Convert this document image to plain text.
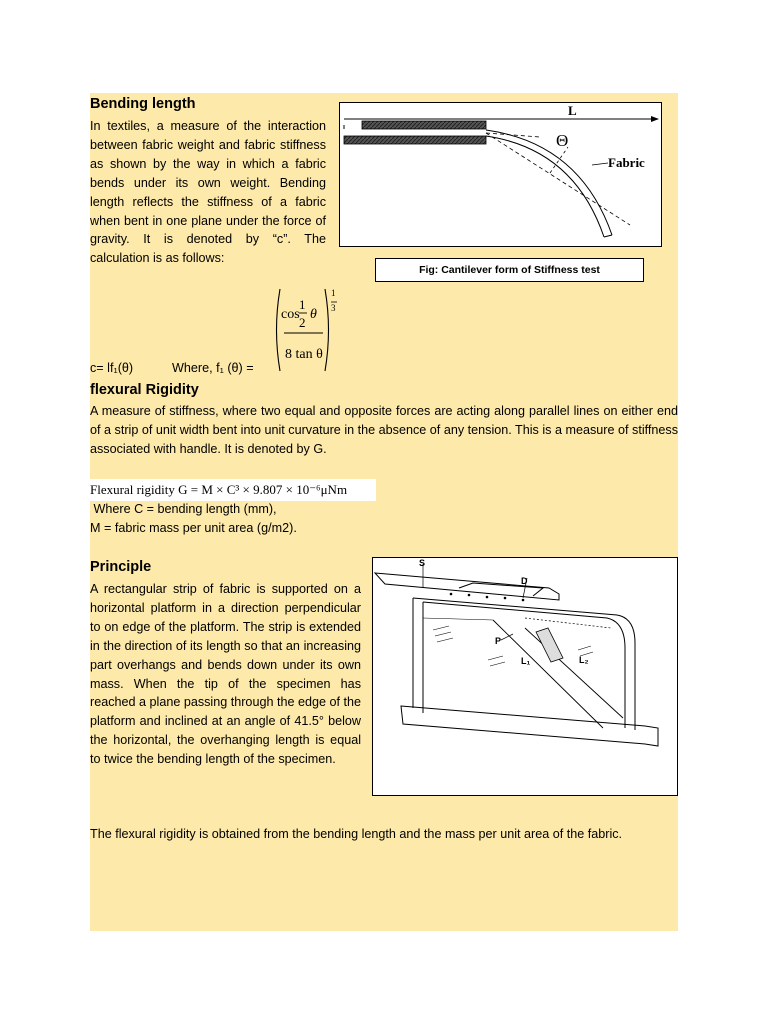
Bending length
In textiles, a measure of the interaction between fabric weight and fabric stiffness as shown by the way in which a fabric bends under its own weight. Bending length reflects the stiffness of a fabric when bent in one plane under the force of gravity. It is denoted by “c”. The calculation is as follows:
c= lf₁(θ)	Where, f₁ (θ) =
cos
1
2
θ
8 tan θ
1
3
L
Θ
Fabric
Fig: Cantilever form of Stiffness test
flexural Rigidity
A measure of stiffness, where two equal and opposite forces are acting along parallel lines on either end of a strip of unit width bent into unit curvature in the absence of any tension. This is a measure of stiffness associated with handle. It is denoted by G.
Flexural rigidity G = M × C³ × 9.807 × 10⁻⁶μNm
Where C = bending length (mm),
M = fabric mass per unit area (g/m2).
Principle
A rectangular strip of fabric is supported on a horizontal platform in a direction perpendicular to on edge of the platform. The strip is extended in the direction of its length so that an increasing part overhangs and bends down under its own mass. When the tip of the specimen has reached a plane passing through the edge of the platform and inclined at an angle of 41.5° below the horizontal, the overhanging length is equal to twice the bending length of the specimen.
S
D
P
L₁	L₂
The flexural rigidity is obtained from the bending length and the mass per unit area of the fabric.
